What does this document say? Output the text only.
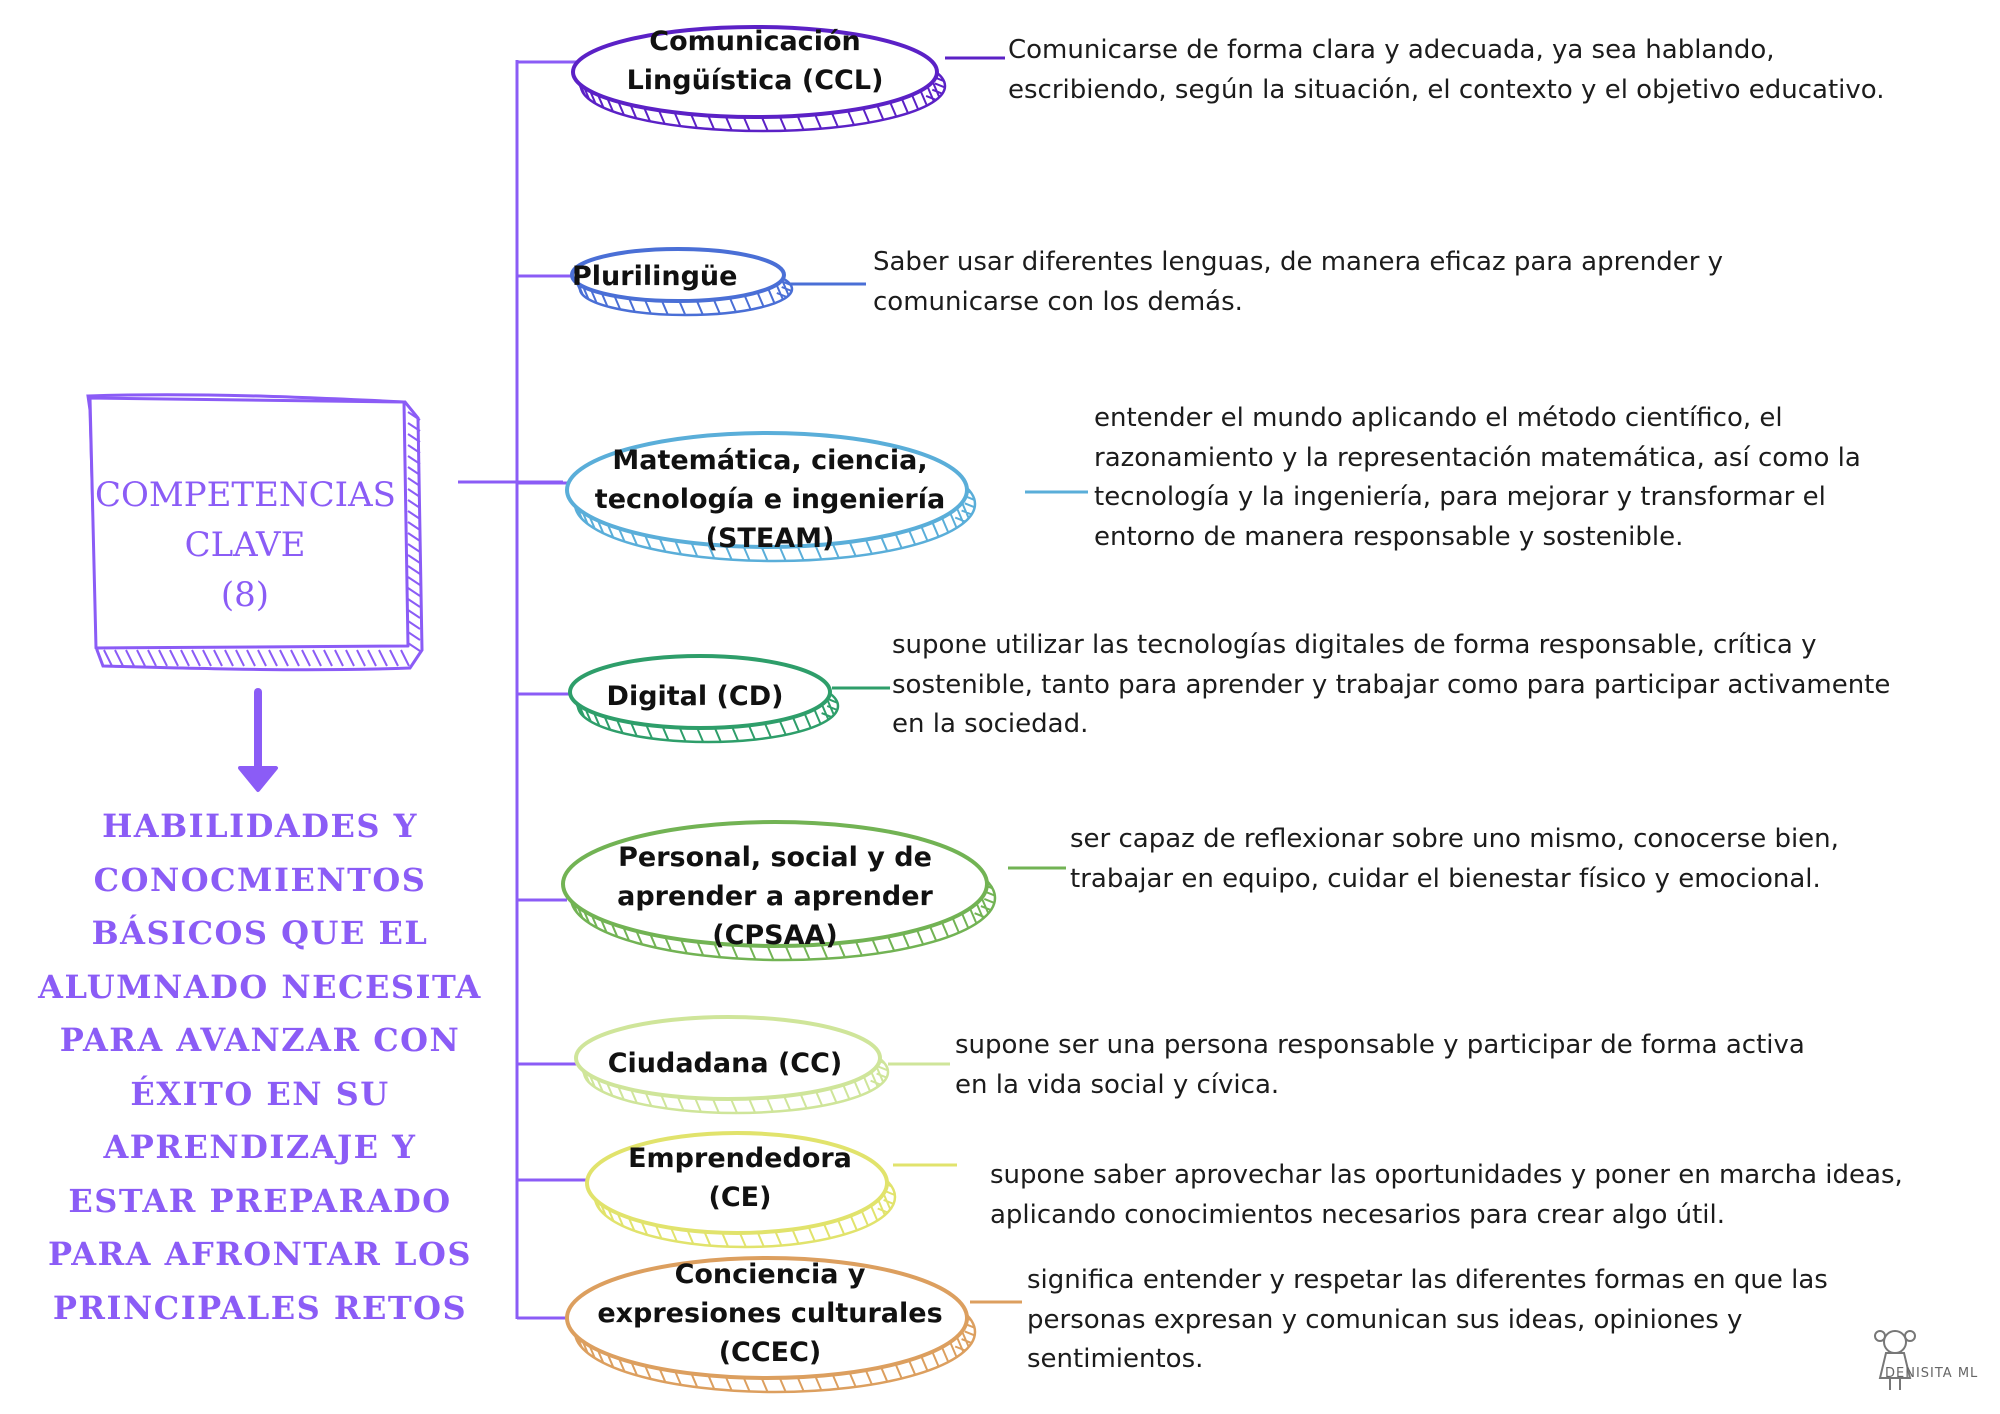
COMPETENCIAS
CLAVE
(8)
HABILIDADES Y
CONOCMIENTOS
BÁSICOS QUE EL
ALUMNADO NECESITA
PARA AVANZAR CON
ÉXITO EN SU
APRENDIZAJE Y
ESTAR PREPARADO
PARA AFRONTAR LOS
PRINCIPALES RETOS
Comunicación
Lingüística (CCL)
Plurilingüe
Matemática, ciencia,
tecnología e ingeniería
(STEAM)
Digital (CD)
Personal, social y de
aprender a aprender
(CPSAA)
Ciudadana (CC)
Emprendedora
(CE)
Conciencia y
expresiones culturales
(CCEC)
Comunicarse de forma clara y adecuada, ya sea hablando,
escribiendo, según la situación, el contexto y el objetivo educativo.
Saber usar diferentes lenguas, de manera eficaz para aprender y
comunicarse con los demás.
entender el mundo aplicando el método científico, el
razonamiento y la representación matemática, así como la
tecnología y la ingeniería, para mejorar y transformar el
entorno de manera responsable y sostenible.
supone utilizar las tecnologías digitales de forma responsable, crítica y
sostenible, tanto para aprender y trabajar como para participar activamente
en la sociedad.
ser capaz de reflexionar sobre uno mismo, conocerse bien,
trabajar en equipo, cuidar el bienestar físico y emocional.
supone ser una persona responsable y participar de forma activa
en la vida social y cívica.
supone saber aprovechar las oportunidades y poner en marcha ideas,
aplicando conocimientos necesarios para crear algo útil.
significa entender y respetar las diferentes formas en que las
personas expresan y comunican sus ideas, opiniones y
sentimientos.	DENISITA ML
